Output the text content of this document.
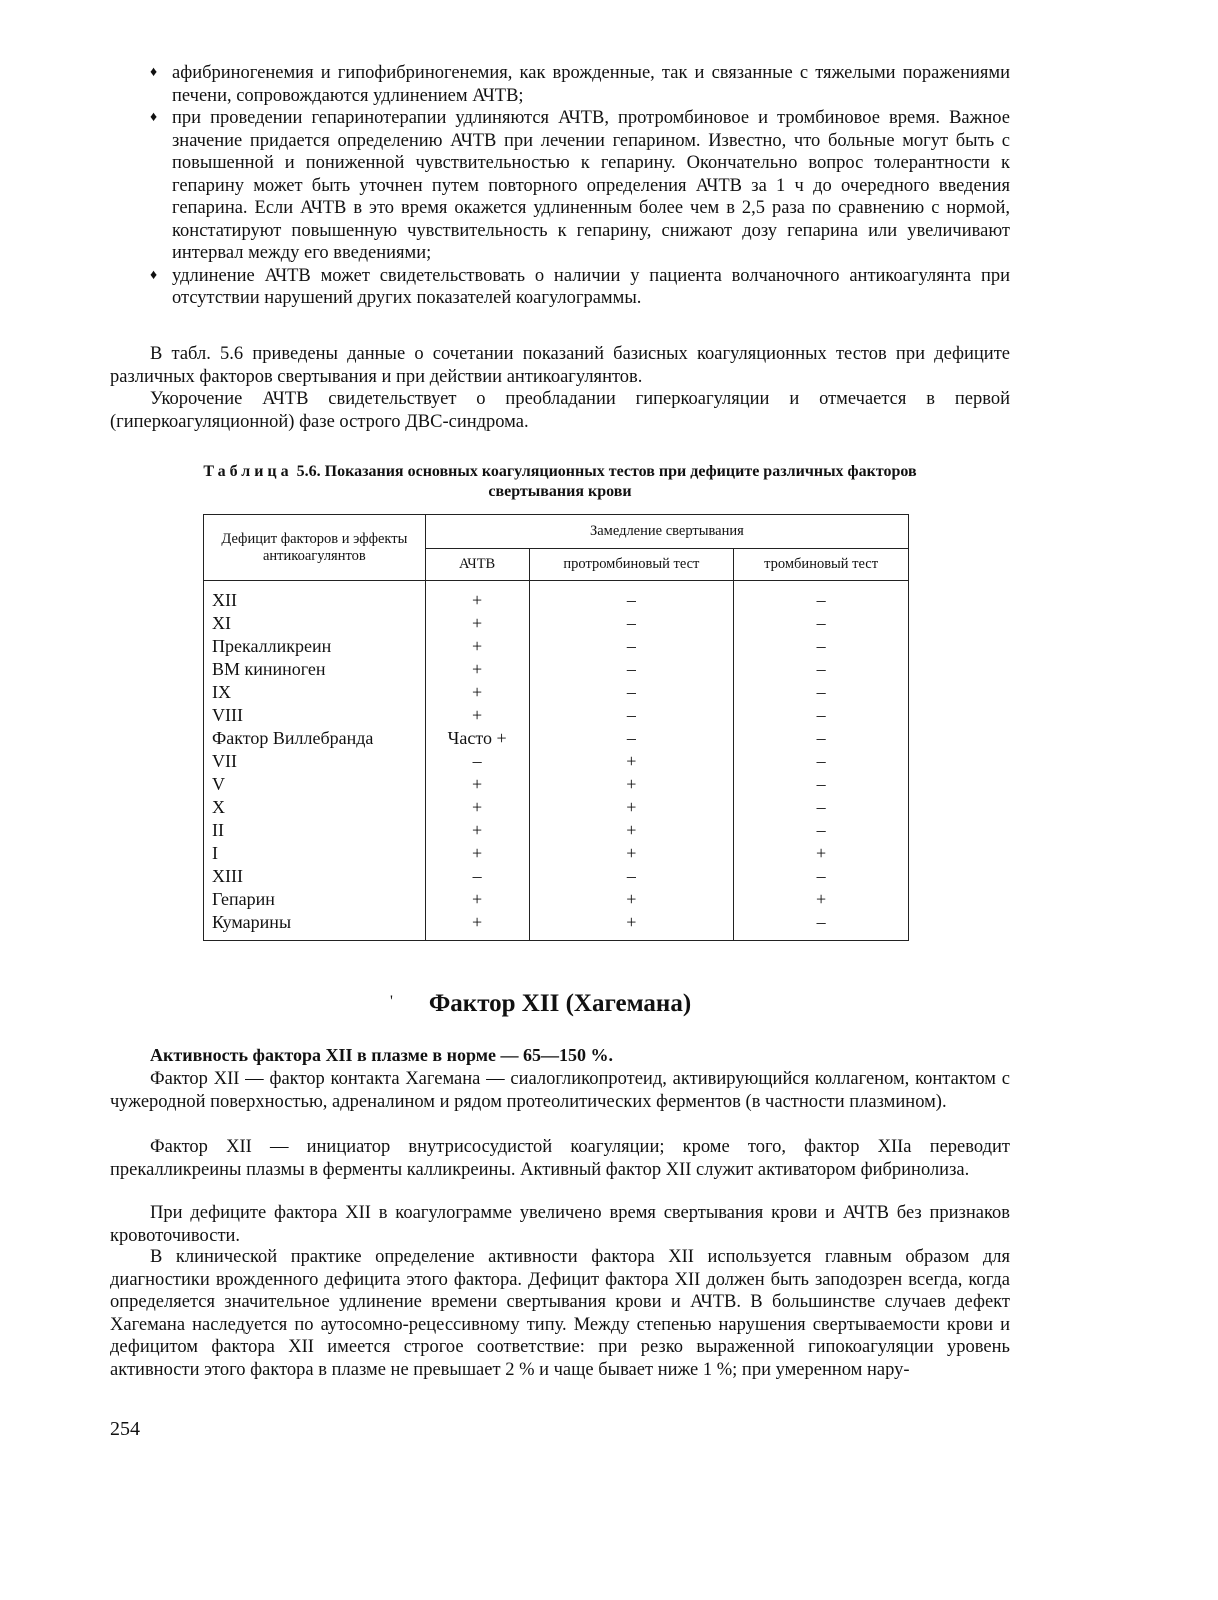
♦ афибриногенемия и гипофибриногенемия, как врожденные, так и связанные с тяжелыми поражениями печени, сопровождаются удлинением АЧТВ;
♦ при проведении гепаринотерапии удлиняются АЧТВ, протромбиновое и тромбиновое время. Важное значение придается определению АЧТВ при лечении гепарином. Известно, что больные могут быть с повышенной и пониженной чувствительностью к гепарину. Окончательно вопрос толерантности к гепарину может быть уточнен путем повторного определения АЧТВ за 1 ч до очередного введения гепарина. Если АЧТВ в это время окажется удлиненным более чем в 2,5 раза по сравнению с нормой, констатируют повышенную чувствительность к гепарину, снижают дозу гепарина или увеличивают интервал между его введениями;
♦ удлинение АЧТВ может свидетельствовать о наличии у пациента волчаночного антикоагулянта при отсутствии нарушений других показателей коагулограммы.

В табл. 5.6 приведены данные о сочетании показаний базисных коагуляционных тестов при дефиците различных факторов свертывания и при действии антикоагулянтов.

Укорочение АЧТВ свидетельствует о преобладании гиперкоагуляции и отмечается в первой (гиперкоагуляционной) фазе острого ДВС-синдрома.

Таблица 5.6. Показания основных коагуляционных тестов при дефиците различных факторов свертывания крови
Дефицит факторов и эффекты антикоагулянтов	Замедление свертывания		
	АЧТВ	протромбиновый тест	тромбиновый тест
XII	+	–	–
XI	+	–	–
Прекалликреин	+	–	–
ВМ кининоген	+	–	–
IX	+	–	–
VIII	+	–	–
Фактор Виллебранда	Часто +	–	–
VII	–	+	–
V	+	+	–
X	+	+	–
II	+	+	–
I	+	+	+
XIII	–	–	–
Гепарин	+	+	+
Кумарины	+	+	–
'	Фактор XII (Хагемана)
Активность фактора XII в плазме в норме — 65—150 %.

Фактор XII — фактор контакта Хагемана — сиалогликопротеид, активирующийся коллагеном, контактом с чужеродной поверхностью, адреналином и рядом протеолитических ферментов (в частности плазмином).

Фактор XII — инициатор внутрисосудистой коагуляции; кроме того, фактор XIIa переводит прекалликреины плазмы в ферменты калликреины. Активный фактор XII служит активатором фибринолиза.

При дефиците фактора XII в коагулограмме увеличено время свертывания крови и АЧТВ без признаков кровоточивости.

В клинической практике определение активности фактора XII используется главным образом для диагностики врожденного дефицита этого фактора. Дефицит фактора XII должен быть заподозрен всегда, когда определяется значительное удлинение времени свертывания крови и АЧТВ. В большинстве случаев дефект Хагемана наследуется по аутосомно-рецессивному типу. Между степенью нарушения свертываемости крови и дефицитом фактора XII имеется строгое соответствие: при резко выраженной гипокоагуляции уровень активности этого фактора в плазме не превышает 2 % и чаще бывает ниже 1 %; при умеренном нару-

254
